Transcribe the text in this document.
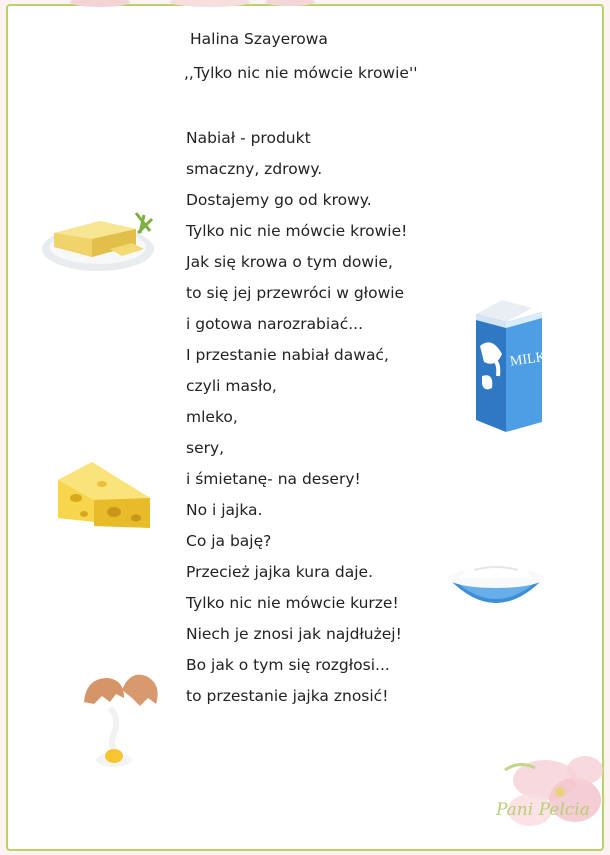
Halina Szayerowa
,,Tylko nic nie mówcie krowie''
Nabiał - produkt
smaczny, zdrowy.
Dostajemy go od krowy.
Tylko nic nie mówcie krowie!
Jak się krowa o tym dowie,
to się jej przewróci w głowie
i gotowa narozrabiać...
I przestanie nabiał dawać,
czyli masło,
mleko,
sery,
i śmietanę- na desery!
No i jajka.
Co ja baję?
Przecież jajka kura daje.
Tylko nic nie mówcie kurze!
Niech je znosi jak najdłużej!
Bo jak o tym się rozgłosi...
to przestanie jajka znosić!
MILK
Pani Pelcia
